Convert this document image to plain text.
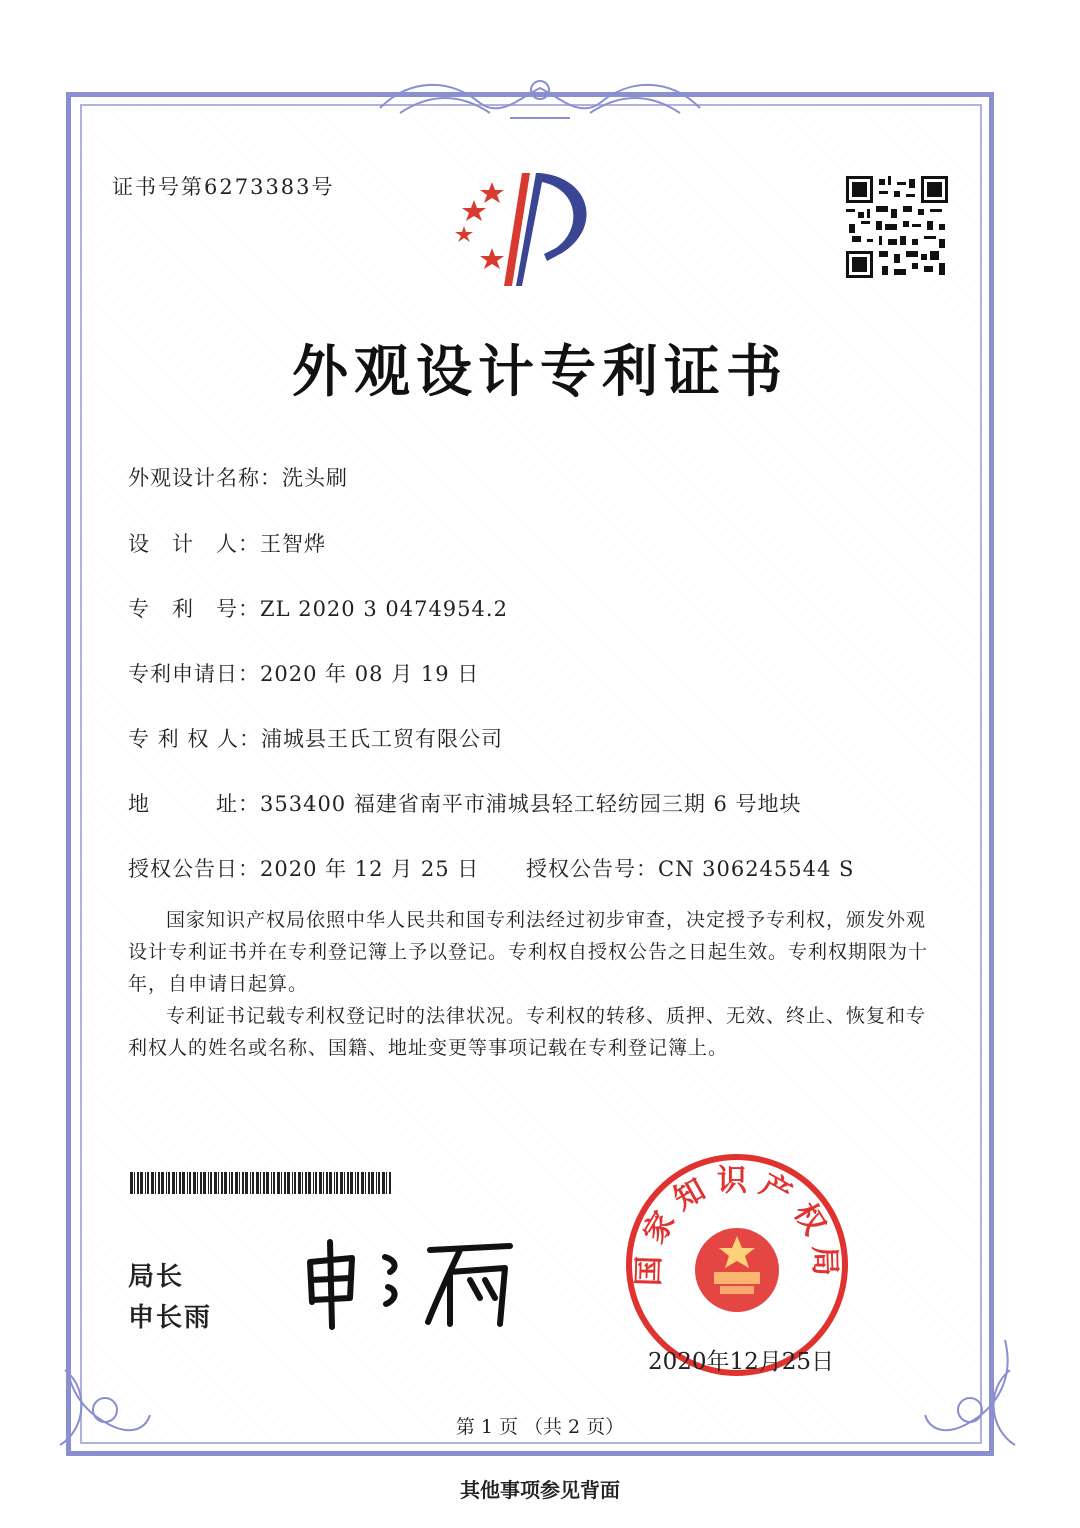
证书号第6273383号
外观设计专利证书
外观设计名称：洗头刷
设　计　人：王智烨
专　利　号：ZL 2020 3 0474954.2
专利申请日：2020 年 08 月 19 日
专 利 权 人：浦城县王氏工贸有限公司
地　　　址：353400 福建省南平市浦城县轻工轻纺园三期 6 号地块
授权公告日：2020 年 12 月 25 日 授权公告号：CN 306245544 S

国家知识产权局依照中华人民共和国专利法经过初步审查，决定授予专利权，颁发外观设计专利证书并在专利登记簿上予以登记。专利权自授权公告之日起生效。专利权期限为十年，自申请日起算。

专利证书记载专利权登记时的法律状况。专利权的转移、质押、无效、终止、恢复和专利权人的姓名或名称、国籍、地址变更等事项记载在专利登记簿上。

局长
申长雨
国家知识产权局
2020年12月25日
第 1 页 （共 2 页）
其他事项参见背面
